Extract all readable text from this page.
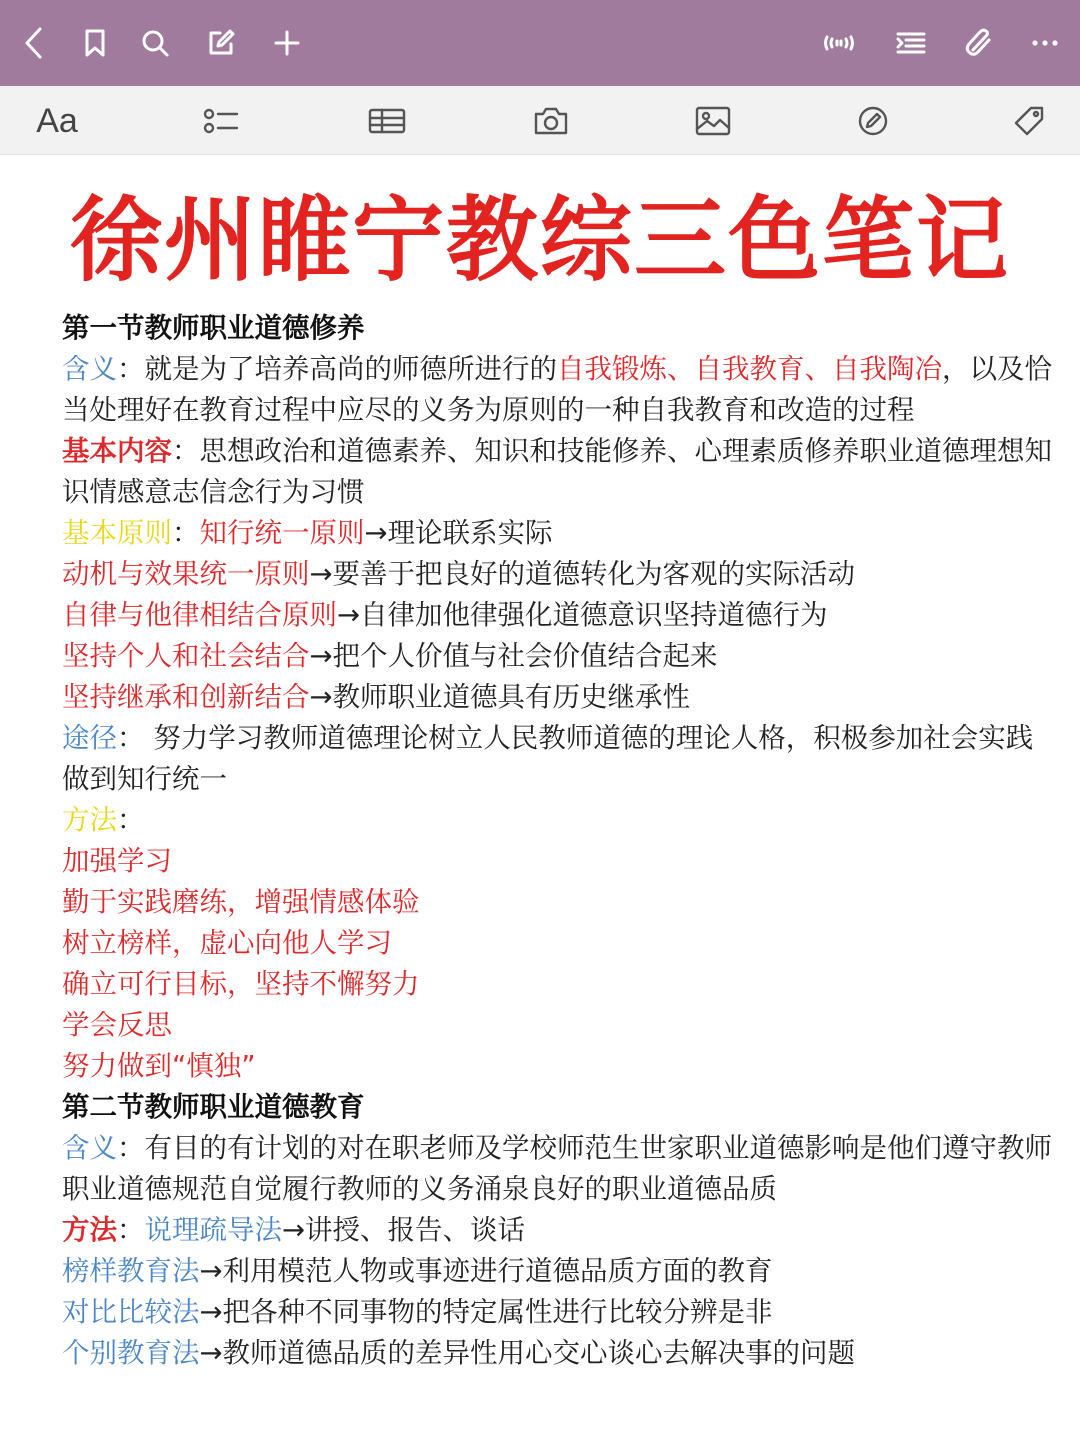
Aa
徐州睢宁教综三色笔记

第一节教师职业道德修养

含义：就是为了培养高尚的师德所进行的自我锻炼、自我教育、自我陶冶，以及恰当处理好在教育过程中应尽的义务为原则的一种自我教育和改造的过程

基本内容：思想政治和道德素养、知识和技能修养、心理素质修养职业道德理想知识情感意志信念行为习惯

基本原则：知行统一原则→理论联系实际

动机与效果统一原则→要善于把良好的道德转化为客观的实际活动

自律与他律相结合原则→自律加他律强化道德意识坚持道德行为

坚持个人和社会结合→把个人价值与社会价值结合起来

坚持继承和创新结合→教师职业道德具有历史继承性

途径： 努力学习教师道德理论树立人民教师道德的理论人格，积极参加社会实践做到知行统一

方法：

加强学习

勤于实践磨练，增强情感体验

树立榜样，虚心向他人学习

确立可行目标，坚持不懈努力

学会反思

努力做到“慎独”

第二节教师职业道德教育

含义：有目的有计划的对在职老师及学校师范生世家职业道德影响是他们遵守教师职业道德规范自觉履行教师的义务涌泉良好的职业道德品质

方法：说理疏导法→讲授、报告、谈话

榜样教育法→利用模范人物或事迹进行道德品质方面的教育

对比比较法→把各种不同事物的特定属性进行比较分辨是非

个别教育法→教师道德品质的差异性用心交心谈心去解决事的问题
